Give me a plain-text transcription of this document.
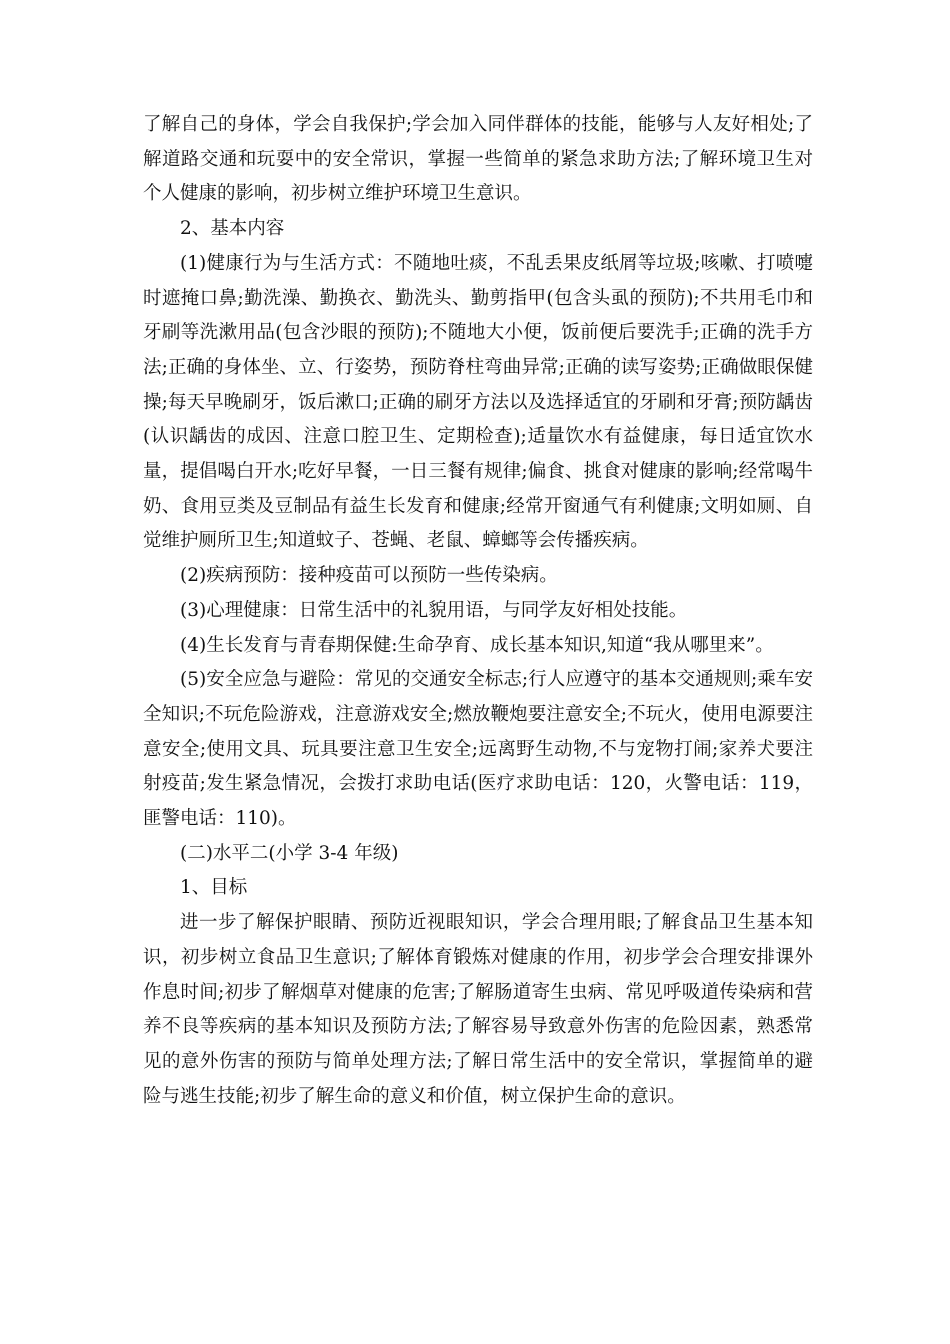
了解自己的身体，学会自我保护;学会加入同伴群体的技能，能够与人友好相处;了解道路交通和玩耍中的安全常识，掌握一些简单的紧急求助方法;了解环境卫生对个人健康的影响，初步树立维护环境卫生意识。

2、基本内容

(1)健康行为与生活方式：不随地吐痰，不乱丢果皮纸屑等垃圾;咳嗽、打喷嚏时遮掩口鼻;勤洗澡、勤换衣、勤洗头、勤剪指甲(包含头虱的预防);不共用毛巾和牙刷等洗漱用品(包含沙眼的预防);不随地大小便，饭前便后要洗手;正确的洗手方法;正确的身体坐、立、行姿势，预防脊柱弯曲异常;正确的读写姿势;正确做眼保健操;每天早晚刷牙，饭后漱口;正确的刷牙方法以及选择适宜的牙刷和牙膏;预防龋齿(认识龋齿的成因、注意口腔卫生、定期检查);适量饮水有益健康，每日适宜饮水量，提倡喝白开水;吃好早餐，一日三餐有规律;偏食、挑食对健康的影响;经常喝牛奶、食用豆类及豆制品有益生长发育和健康;经常开窗通气有利健康;文明如厕、自觉维护厕所卫生;知道蚊子、苍蝇、老鼠、蟑螂等会传播疾病。

(2)疾病预防：接种疫苗可以预防一些传染病。

(3)心理健康：日常生活中的礼貌用语，与同学友好相处技能。

(4)生长发育与青春期保健:生命孕育、成长基本知识,知道“我从哪里来”。

(5)安全应急与避险：常见的交通安全标志;行人应遵守的基本交通规则;乘车安全知识;不玩危险游戏，注意游戏安全;燃放鞭炮要注意安全;不玩火，使用电源要注意安全;使用文具、玩具要注意卫生安全;远离野生动物,不与宠物打闹;家养犬要注射疫苗;发生紧急情况，会拨打求助电话(医疗求助电话：120，火警电话：119，匪警电话：110)。

(二)水平二(小学 3-4 年级)

1、目标

进一步了解保护眼睛、预防近视眼知识，学会合理用眼;了解食品卫生基本知识，初步树立食品卫生意识;了解体育锻炼对健康的作用，初步学会合理安排课外作息时间;初步了解烟草对健康的危害;了解肠道寄生虫病、常见呼吸道传染病和营养不良等疾病的基本知识及预防方法;了解容易导致意外伤害的危险因素，熟悉常见的意外伤害的预防与简单处理方法;了解日常生活中的安全常识，掌握简单的避险与逃生技能;初步了解生命的意义和价值，树立保护生命的意识。
